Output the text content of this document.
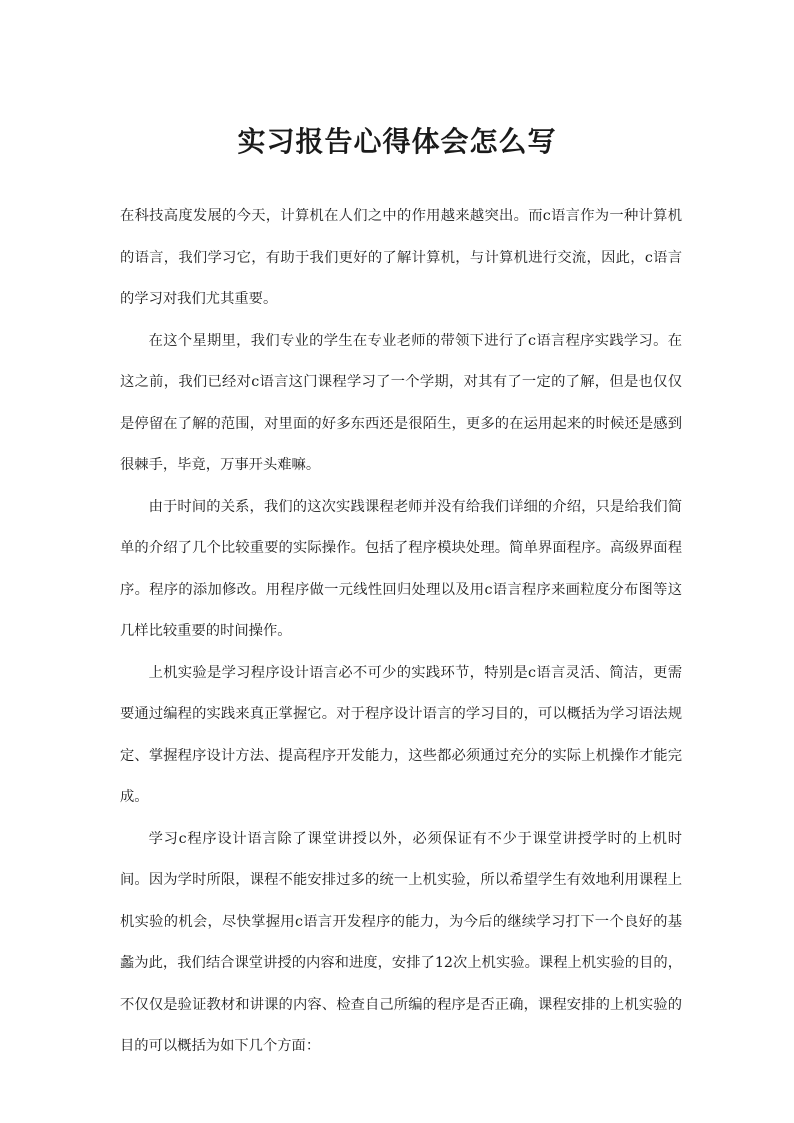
实习报告心得体会怎么写

在科技高度发展的今天，计算机在人们之中的作用越来越突出。而c语言作为一种计算机的语言，我们学习它，有助于我们更好的了解计算机，与计算机进行交流，因此，c语言的学习对我们尤其重要。

在这个星期里，我们专业的学生在专业老师的带领下进行了c语言程序实践学习。在这之前，我们已经对c语言这门课程学习了一个学期，对其有了一定的了解，但是也仅仅是停留在了解的范围，对里面的好多东西还是很陌生，更多的在运用起来的时候还是感到很棘手，毕竟，万事开头难嘛。

由于时间的关系，我们的这次实践课程老师并没有给我们详细的介绍，只是给我们简单的介绍了几个比较重要的实际操作。包括了程序模块处理。简单界面程序。高级界面程序。程序的添加修改。用程序做一元线性回归处理以及用c语言程序来画粒度分布图等这几样比较重要的时间操作。

上机实验是学习程序设计语言必不可少的实践环节，特别是c语言灵活、简洁，更需要通过编程的实践来真正掌握它。对于程序设计语言的学习目的，可以概括为学习语法规定、掌握程序设计方法、提高程序开发能力，这些都必须通过充分的实际上机操作才能完成。

学习c程序设计语言除了课堂讲授以外，必须保证有不少于课堂讲授学时的上机时间。因为学时所限，课程不能安排过多的统一上机实验，所以希望学生有效地利用课程上机实验的机会，尽快掌握用c语言开发程序的能力，为今后的继续学习打下一个良好的基蠡为此，我们结合课堂讲授的内容和进度，安排了12次上机实验。课程上机实验的目的，不仅仅是验证教材和讲课的内容、检查自己所编的程序是否正确，课程安排的上机实验的目的可以概括为如下几个方面：
